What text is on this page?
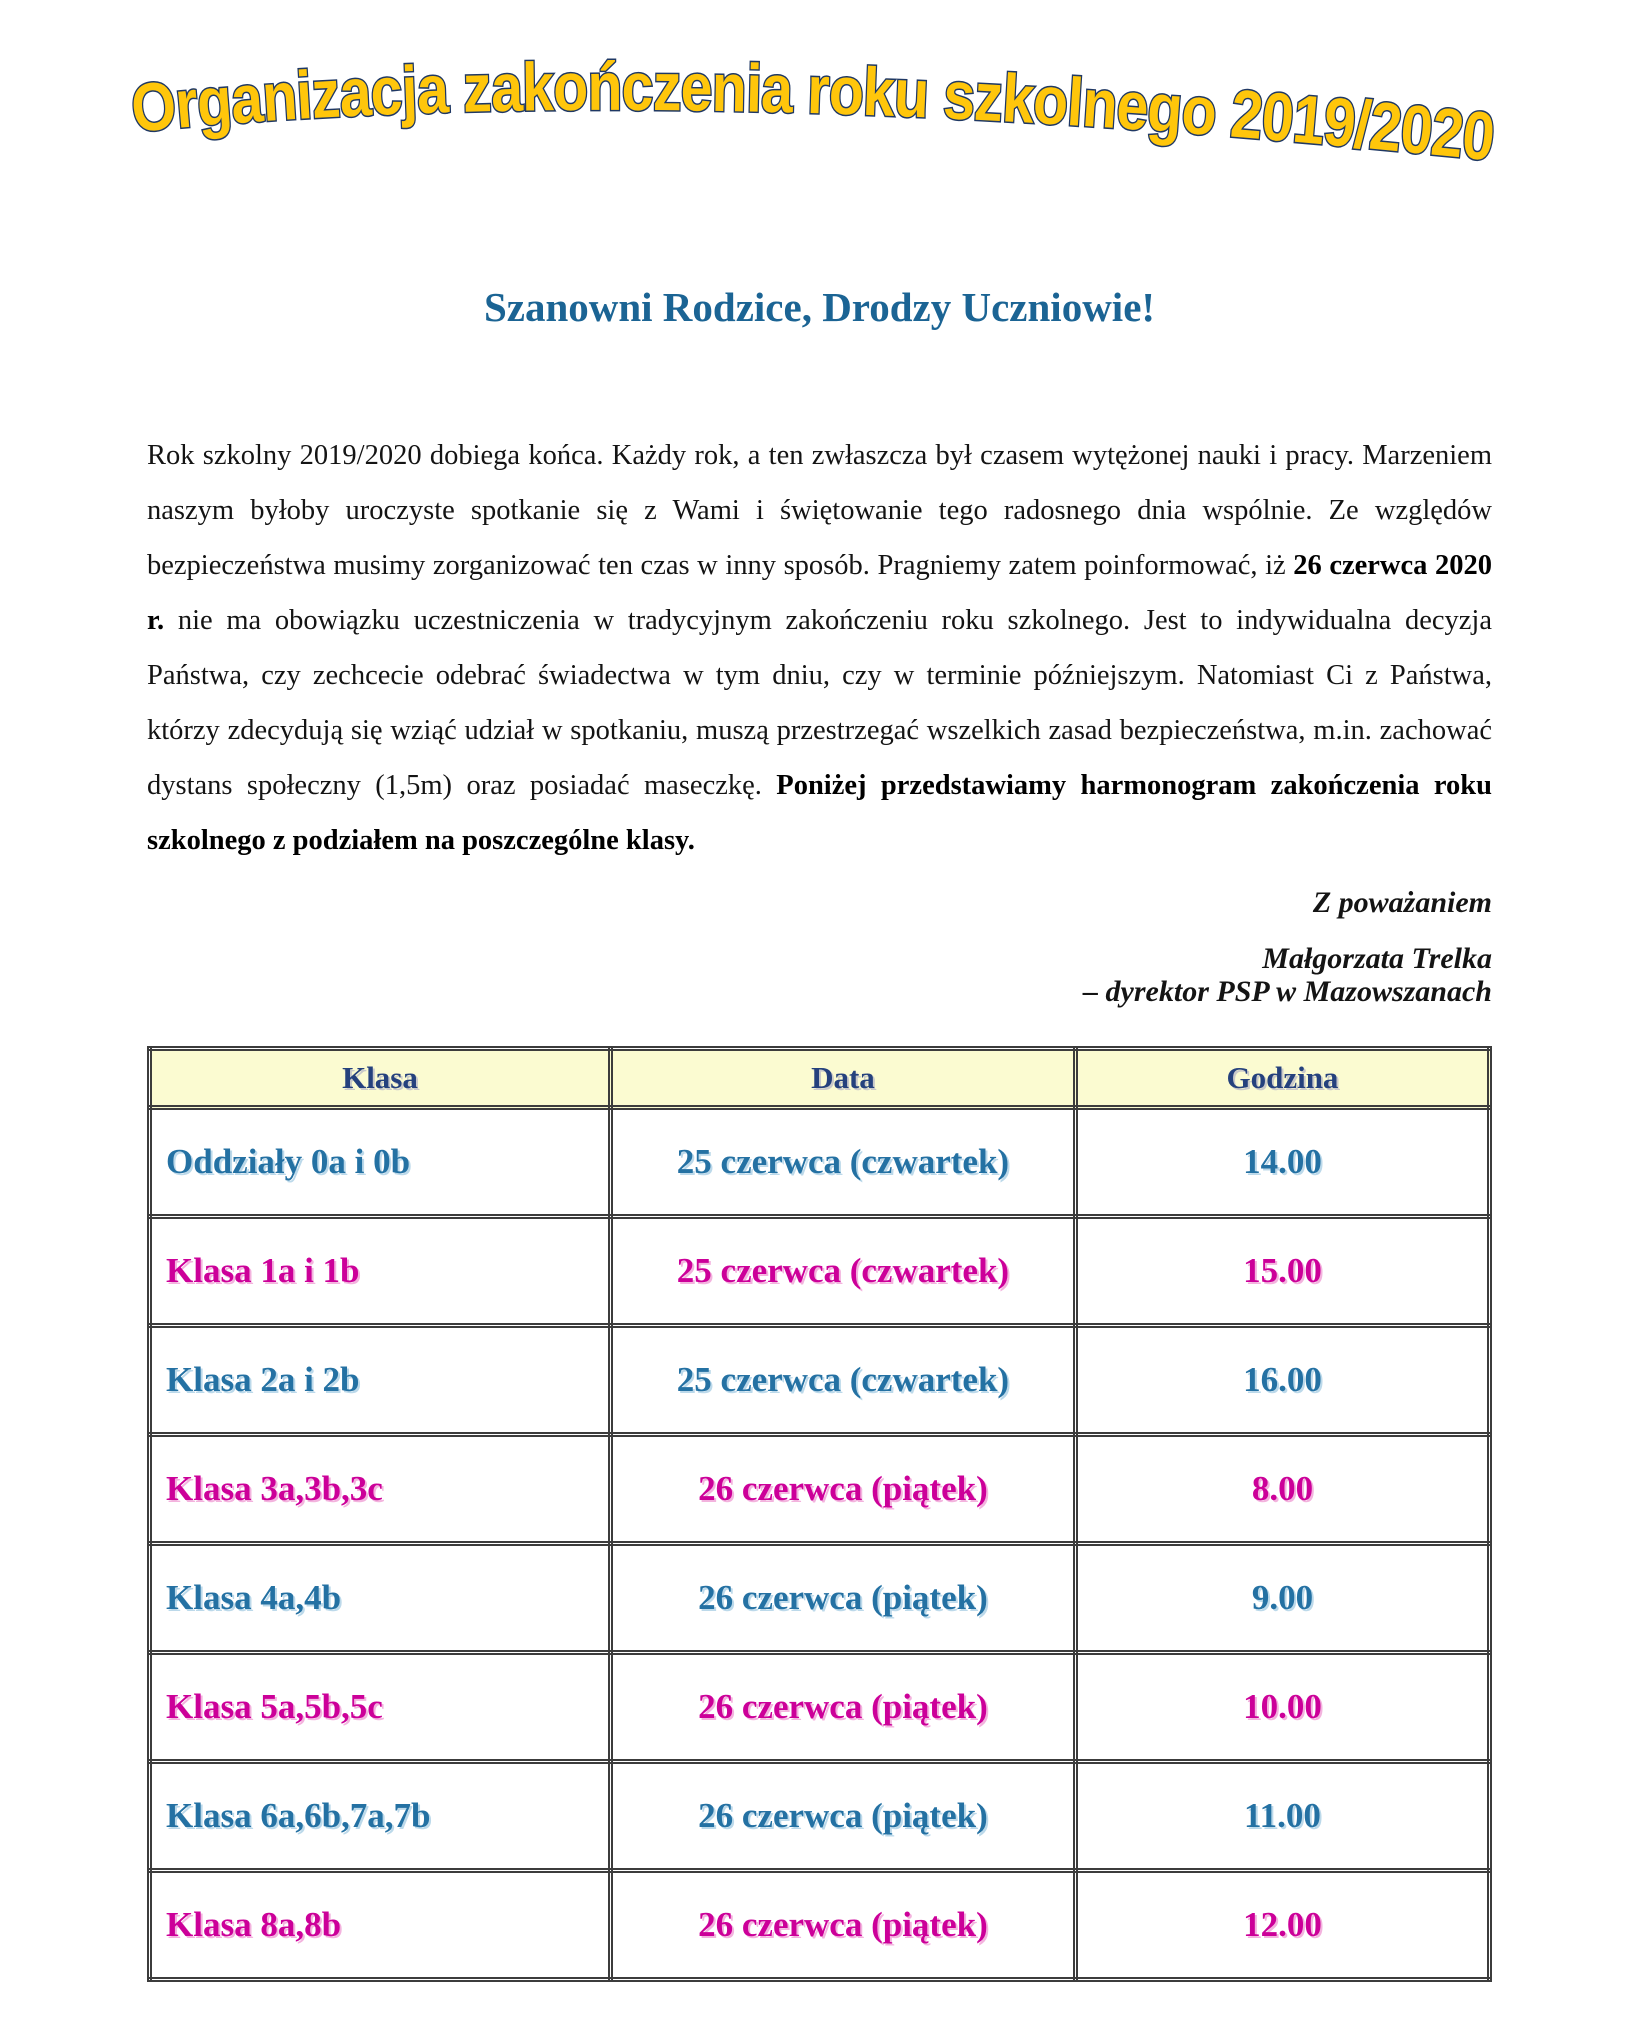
Organizacja zakończenia roku szkolnego 2019/2020
Szanowni Rodzice, Drodzy Uczniowie!

Rok szkolny 2019/2020 dobiega końca. Każdy rok, a ten zwłaszcza był czasem wytężonej nauki i pracy. Marzeniem naszym byłoby uroczyste spotkanie się z Wami i świętowanie tego radosnego dnia wspólnie. Ze względów bezpieczeństwa musimy zorganizować ten czas w inny sposób. Pragniemy zatem poinformować, iż 26 czerwca 2020 r. nie ma obowiązku uczestniczenia w tradycyjnym zakończeniu roku szkolnego. Jest to indywidualna decyzja Państwa, czy zechcecie odebrać świadectwa w tym dniu, czy w terminie późniejszym. Natomiast Ci z Państwa, którzy zdecydują się wziąć udział w spotkaniu, muszą przestrzegać wszelkich zasad bezpieczeństwa, m.in. zachować dystans społeczny (1,5m) oraz posiadać maseczkę. Poniżej przedstawiamy harmonogram zakończenia roku szkolnego z podziałem na poszczególne klasy.

Z poważaniem
Małgorzata Trelka
– dyrektor PSP w Mazowszanach
Klasa	Data	Godzina
Oddziały 0a i 0b	25 czerwca (czwartek)	14.00
Klasa 1a i 1b	25 czerwca (czwartek)	15.00
Klasa 2a i 2b	25 czerwca (czwartek)	16.00
Klasa 3a,3b,3c	26 czerwca (piątek)	8.00
Klasa 4a,4b	26 czerwca (piątek)	9.00
Klasa 5a,5b,5c	26 czerwca (piątek)	10.00
Klasa 6a,6b,7a,7b	26 czerwca (piątek)	11.00
Klasa 8a,8b	26 czerwca (piątek)	12.00
